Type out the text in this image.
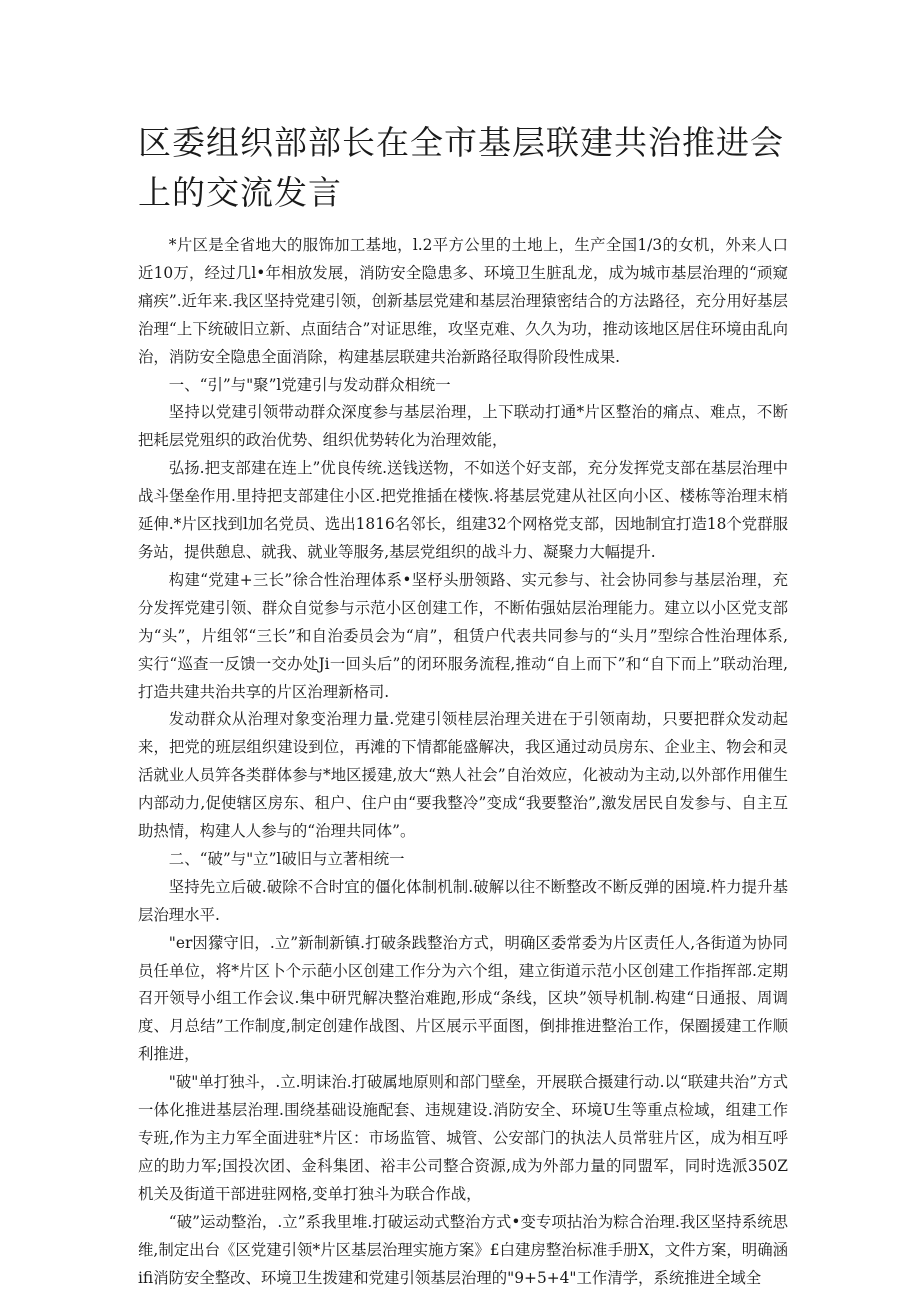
区委组织部部长在全市基层联建共治推进会上的交流发言

*片区是全省地大的服饰加工基地，l.2平方公里的土地上，生产全国1/3的女机，外来人口近10万，经过几l•年相放发展，消防安全隐患多、环境卫生脏乱龙，成为城市基层治理的“顽窥痛疾”.近年来.我区坚持党建引领，创新基层党建和基层治理猿密结合的方法路径，充分用好基层治理“上下统破旧立新、点面结合”对证思维，攻坚克难、久久为功，推动该地区居住环境由乱向治，消防安全隐患全面消除，构建基层联建共治新路径取得阶段性成果.

一、“引”与"聚”l党建引与发动群众相统一

坚持以党建引领带动群众深度参与基层治理，上下联动打通*片区整治的痛点、难点，不断把耗层党殂织的政治优势、组织优势转化为治理效能，

弘扬.把支部建在连上”优良传统.送钱送物，不如送个好支部，充分发挥党支部在基层治理中战斗堡垒作用.里持把支部建住小区.把党推插在楼恢.将基层党建从社区向小区、楼栋等治理末梢延伸.*片区找到l加名党员、选出1816名邻长，组建32个网格党支部，因地制宜打造18个党群服务站，提供憩息、就我、就业等服务,基层党组织的战斗力、凝聚力大幅提升.

构建“党建+三长”徐合性治理体系•坚杼头册领路、实元参与、社会协同参与基层治理，充分发挥党建引领、群众自觉参与示范小区创建工作，不断佑强姑层治理能力。建立以小区党支部为“头”，片组邻“三长”和自治委员会为“肩”，租赁户代表共同参与的“头月”型综合性治理体系,实行“巡查一反馈一交办处Ji一回头后”的闭环服务流程,推动“自上而下”和“自下而上”联动治理,打造共建共治共享的片区治理新格司.

发动群众从治理对象变治理力量.党建引领桂层治理关进在于引领南劫，只要把群众发动起来，把党的班层组织建设到位，再滩的下情都能盛解决，我区通过动员房东、企业主、物会和灵活就业人员笄各类群体参与*地区援建,放大“熟人社会”自治效应，化被动为主动,以外部作用催生内部动力,促使辖区房东、租户、住户由“要我整冷”变成“我要整治”,激发居民自发参与、自主互助热情，构建人人参与的“治理共同体”。

二、“破”与"立”l破旧与立著相统一

坚持先立后破.破除不合时宜的僵化体制机制.破解以往不断整改不断反弹的困境.杵力提升基层治理水平.

"er因獴守旧，.立”新制新镇.打破条践整治方式，明确区委常委为片区责任人,各街道为协同员任单位，将*片区卜个示葩小区创建工作分为六个组，建立街道示范小区创建工作指挥部.定期召开领导小组工作会议.集中研咒解决整治难跑,形成“条线，区块”领导机制.构建“日通报、周调度、月总结”工作制度,制定创建作战图、片区展示平面图，倒排推进整治工作，保圈援建工作顺利推进，

"破"单打独斗，.立.明诔治.打破属地原则和部门壁垒，开展联合摄建行动.以“联建共治”方式一体化推进基层治理.围绕基础设施配套、违规建设.消防安全、环境U生等重点检域，组建工作专班,作为主力军全面进驻*片区：市场监管、城管、公安部门的执法人员常驻片区，成为相互呼应的助力军;国投次团、金科集团、裕丰公司整合资源,成为外部力量的同盟军，同时选派350Z机关及街道干部进驻网格,变单打独斗为联合作战，

“破”运动整治，.立”系我里堆.打破运动式整治方式•变专项拈治为粽合治理.我区坚持系统思维,制定出台《区党建引领*片区基层治理实施方案》£白建房整治标准手册X，文件方案，明确涵ifi消防安全整改、环境卫生拨建和党建引领基层治理的"9+5+4"工作清学，系统推进全域全
